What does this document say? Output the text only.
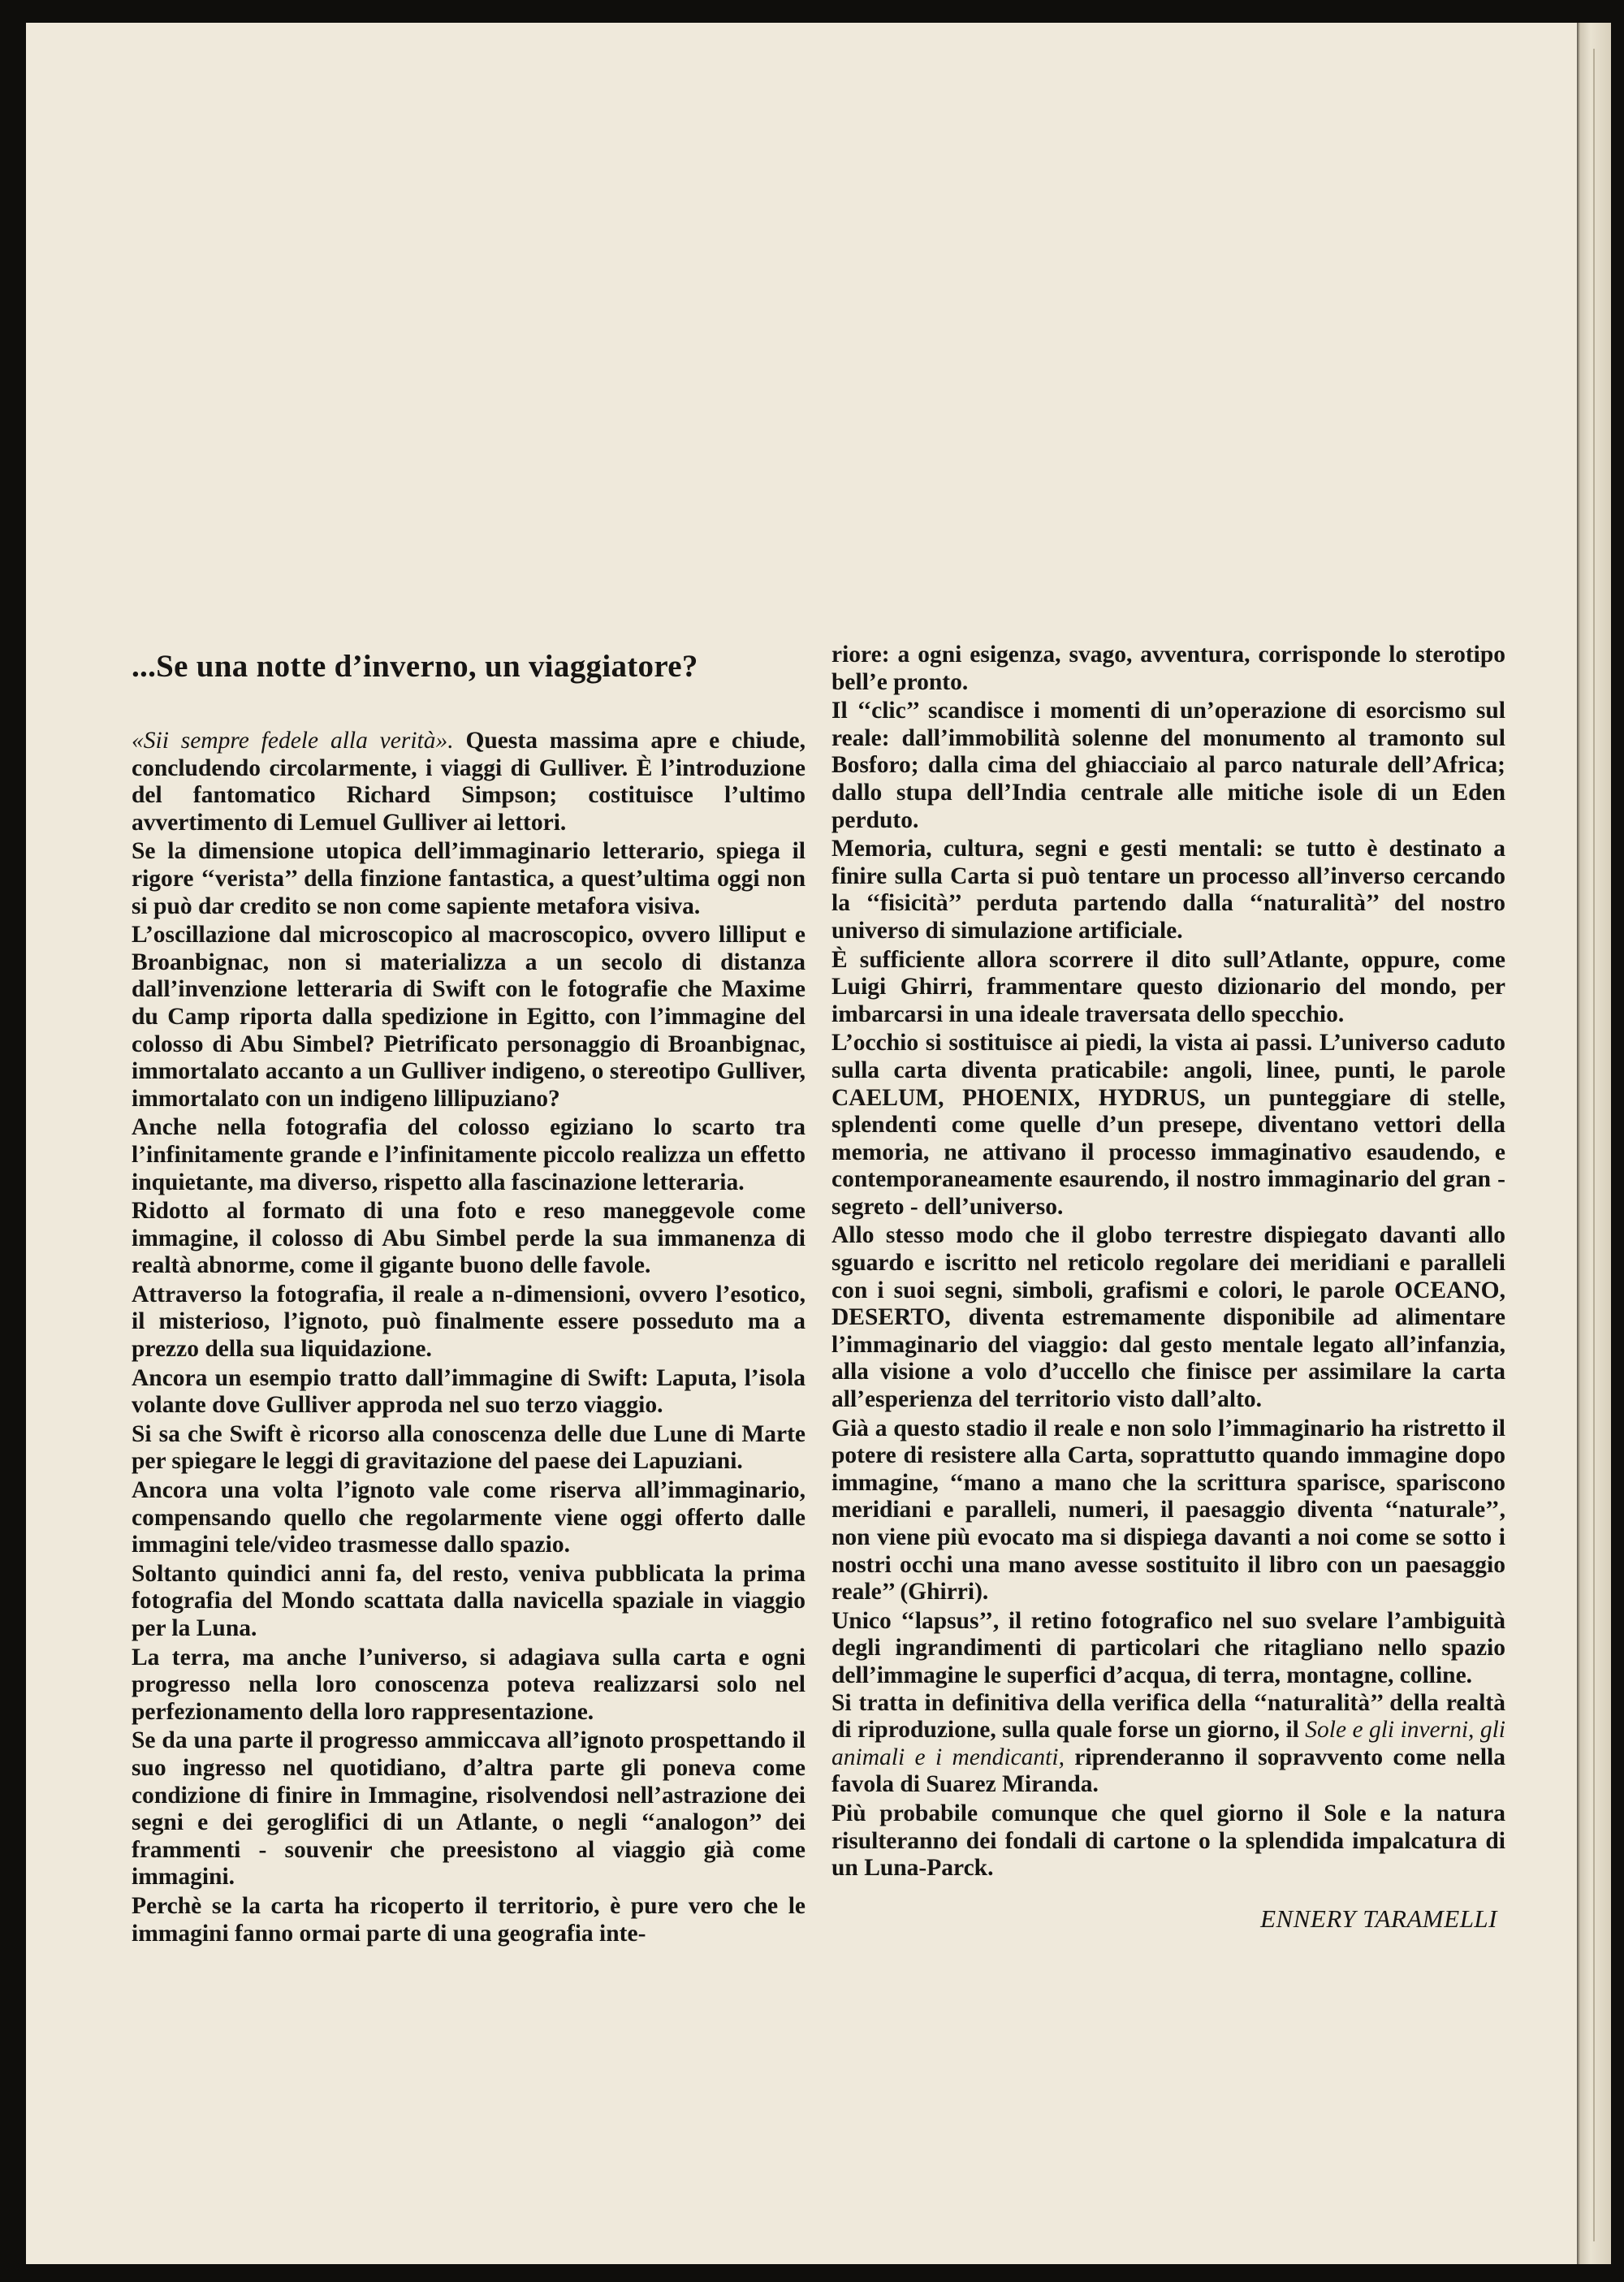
...Se una notte d’inverno, un viaggiatore?

«Sii sempre fedele alla verità». Questa massima apre e chiude, concludendo circolarmente, i viaggi di Gulliver. È l’introduzione del fantomatico Richard Simpson; costituisce l’ultimo avvertimento di Lemuel Gulliver ai lettori.

Se la dimensione utopica dell’immaginario letterario, spiega il rigore ‘‘verista’’ della finzione fantastica, a quest’ultima oggi non si può dar credito se non come sapiente metafora visiva.

L’oscillazione dal microscopico al macroscopico, ovvero lilliput e Broanbignac, non si materializza a un secolo di distanza dall’invenzione letteraria di Swift con le fotografie che Maxime du Camp riporta dalla spedizione in Egitto, con l’immagine del colosso di Abu Simbel? Pietrificato personaggio di Broanbignac, immortalato accanto a un Gulliver indigeno, o stereotipo Gulliver, immortalato con un indigeno lillipuziano?

Anche nella fotografia del colosso egiziano lo scarto tra l’infinitamente grande e l’infinitamente piccolo realizza un effetto inquietante, ma diverso, rispetto alla fascinazione letteraria.

Ridotto al formato di una foto e reso maneggevole come immagine, il colosso di Abu Simbel perde la sua immanenza di realtà abnorme, come il gigante buono delle favole.

Attraverso la fotografia, il reale a n-dimensioni, ovvero l’esotico, il misterioso, l’ignoto, può finalmente essere posseduto ma a prezzo della sua liquidazione.

Ancora un esempio tratto dall’immagine di Swift: Laputa, l’isola volante dove Gulliver approda nel suo terzo viaggio.

Si sa che Swift è ricorso alla conoscenza delle due Lune di Marte per spiegare le leggi di gravitazione del paese dei Lapuziani.

Ancora una volta l’ignoto vale come riserva all’immaginario, compensando quello che regolarmente viene oggi offerto dalle immagini tele/video trasmesse dallo spazio.

Soltanto quindici anni fa, del resto, veniva pubblicata la prima fotografia del Mondo scattata dalla navicella spaziale in viaggio per la Luna.

La terra, ma anche l’universo, si adagiava sulla carta e ogni progresso nella loro conoscenza poteva realizzarsi solo nel perfezionamento della loro rappresentazione.

Se da una parte il progresso ammiccava all’ignoto prospettando il suo ingresso nel quotidiano, d’altra parte gli poneva come condizione di finire in Immagine, risolvendosi nell’astrazione dei segni e dei geroglifici di un Atlante, o negli ‘‘analogon’’ dei frammenti - souvenir che preesistono al viaggio già come immagini.

Perchè se la carta ha ricoperto il territorio, è pure vero che le immagini fanno ormai parte di una geografia inte-

riore: a ogni esigenza, svago, avventura, corrisponde lo sterotipo bell’e pronto.

Il ‘‘clic’’ scandisce i momenti di un’operazione di esorcismo sul reale: dall’immobilità solenne del monumento al tramonto sul Bosforo; dalla cima del ghiacciaio al parco naturale dell’Africa; dallo stupa dell’India centrale alle mitiche isole di un Eden perduto.

Memoria, cultura, segni e gesti mentali: se tutto è destinato a finire sulla Carta si può tentare un processo all’inverso cercando la ‘‘fisicità’’ perduta partendo dalla ‘‘naturalità’’ del nostro universo di simulazione artificiale.

È sufficiente allora scorrere il dito sull’Atlante, oppure, come Luigi Ghirri, frammentare questo dizionario del mondo, per imbarcarsi in una ideale traversata dello specchio.

L’occhio si sostituisce ai piedi, la vista ai passi. L’universo caduto sulla carta diventa praticabile: angoli, linee, punti, le parole CAELUM, PHOENIX, HYDRUS, un punteggiare di stelle, splendenti come quelle d’un presepe, diventano vettori della memoria, ne attivano il processo immaginativo esaudendo, e contemporaneamente esaurendo, il nostro immaginario del gran - segreto - dell’universo.

Allo stesso modo che il globo terrestre dispiegato davanti allo sguardo e iscritto nel reticolo regolare dei meridiani e paralleli con i suoi segni, simboli, grafismi e colori, le parole OCEANO, DESERTO, diventa estremamente disponibile ad alimentare l’immaginario del viaggio: dal gesto mentale legato all’infanzia, alla visione a volo d’uccello che finisce per assimilare la carta all’esperienza del territorio visto dall’alto.

Già a questo stadio il reale e non solo l’immaginario ha ristretto il potere di resistere alla Carta, soprattutto quando immagine dopo immagine, ‘‘mano a mano che la scrittura sparisce, spariscono meridiani e paralleli, numeri, il paesaggio diventa ‘‘naturale’’, non viene più evocato ma si dispiega davanti a noi come se sotto i nostri occhi una mano avesse sostituito il libro con un paesaggio reale’’ (Ghirri).

Unico ‘‘lapsus’’, il retino fotografico nel suo svelare l’ambiguità degli ingrandimenti di particolari che ritagliano nello spazio dell’immagine le superfici d’acqua, di terra, montagne, colline.

Si tratta in definitiva della verifica della ‘‘naturalità’’ della realtà di riproduzione, sulla quale forse un giorno, il Sole e gli inverni, gli animali e i mendicanti, riprenderanno il sopravvento come nella favola di Suarez Miranda.

Più probabile comunque che quel giorno il Sole e la natura risulteranno dei fondali di cartone o la splendida impalcatura di un Luna-Parck.

ENNERY TARAMELLI
